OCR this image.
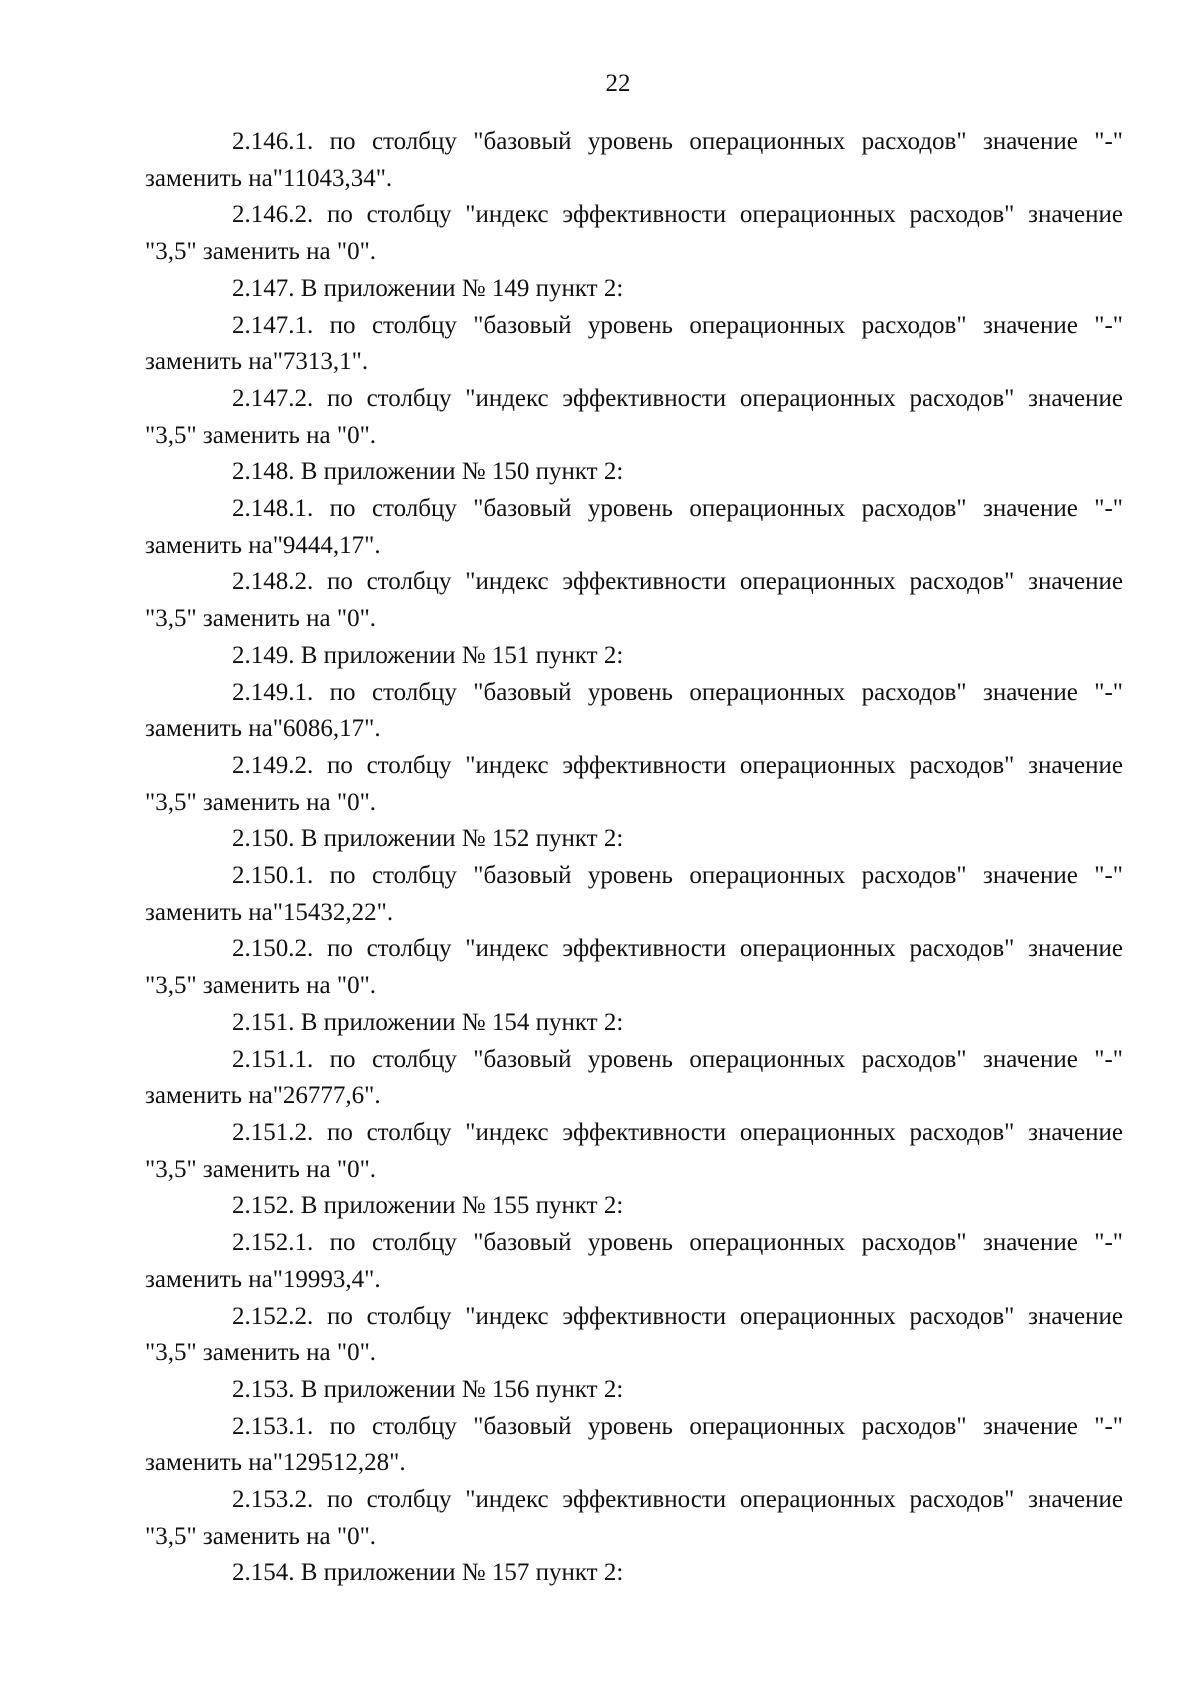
22

2.146.1. по столбцу "базовый уровень операционных расходов" значение "-" заменить на"11043,34".

2.146.2. по столбцу "индекс эффективности операционных расходов" значение "3,5" заменить на "0".

2.147. В приложении № 149 пункт 2:

2.147.1. по столбцу "базовый уровень операционных расходов" значение "-" заменить на"7313,1".

2.147.2. по столбцу "индекс эффективности операционных расходов" значение "3,5" заменить на "0".

2.148. В приложении № 150 пункт 2:

2.148.1. по столбцу "базовый уровень операционных расходов" значение "-" заменить на"9444,17".

2.148.2. по столбцу "индекс эффективности операционных расходов" значение "3,5" заменить на "0".

2.149. В приложении № 151 пункт 2:

2.149.1. по столбцу "базовый уровень операционных расходов" значение "-" заменить на"6086,17".

2.149.2. по столбцу "индекс эффективности операционных расходов" значение "3,5" заменить на "0".

2.150. В приложении № 152 пункт 2:

2.150.1. по столбцу "базовый уровень операционных расходов" значение "-" заменить на"15432,22".

2.150.2. по столбцу "индекс эффективности операционных расходов" значение "3,5" заменить на "0".

2.151. В приложении № 154 пункт 2:

2.151.1. по столбцу "базовый уровень операционных расходов" значение "-" заменить на"26777,6".

2.151.2. по столбцу "индекс эффективности операционных расходов" значение "3,5" заменить на "0".

2.152. В приложении № 155 пункт 2:

2.152.1. по столбцу "базовый уровень операционных расходов" значение "-" заменить на"19993,4".

2.152.2. по столбцу "индекс эффективности операционных расходов" значение "3,5" заменить на "0".

2.153. В приложении № 156 пункт 2:

2.153.1. по столбцу "базовый уровень операционных расходов" значение "-" заменить на"129512,28".

2.153.2. по столбцу "индекс эффективности операционных расходов" значение "3,5" заменить на "0".

2.154. В приложении № 157 пункт 2:
